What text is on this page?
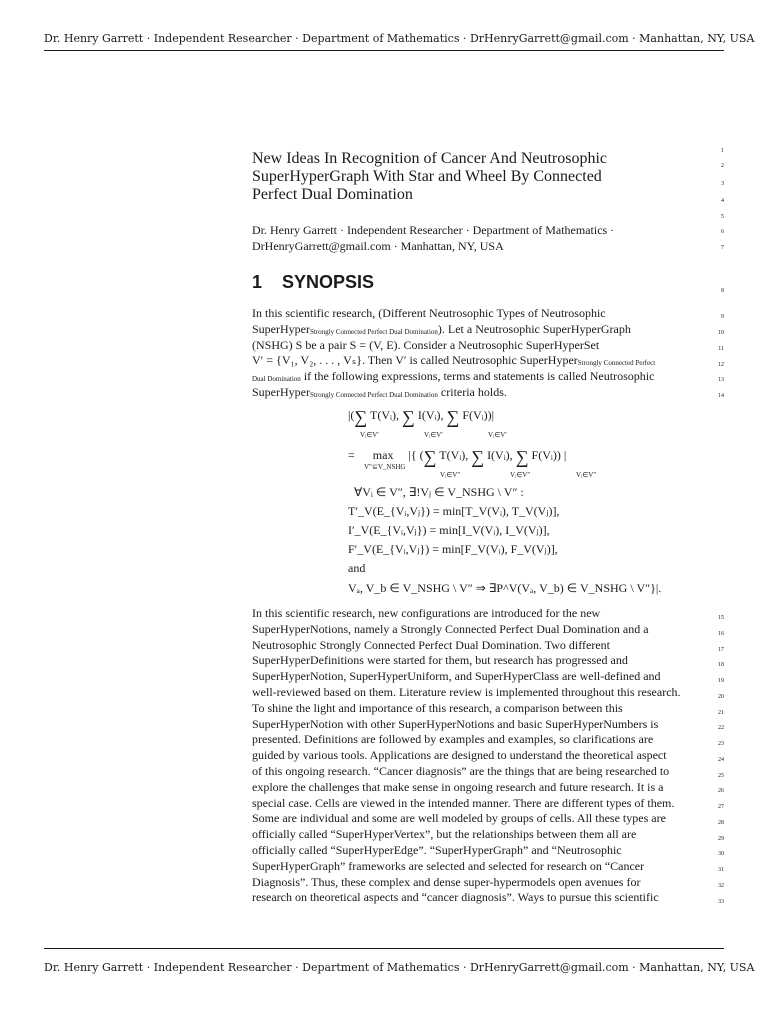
Dr. Henry Garrett · Independent Researcher · Department of Mathematics · DrHenryGarrett@gmail.com · Manhattan, NY, USA
New Ideas In Recognition of Cancer And Neutrosophic
SuperHyperGraph With Star and Wheel By Connected
Perfect Dual Domination
Dr. Henry Garrett · Independent Researcher · Department of Mathematics ·
DrHenryGarrett@gmail.com · Manhattan, NY, USA
1 SYNOPSIS
In this scientific research, (Different Neutrosophic Types of Neutrosophic
SuperHyperStrongly Connected Perfect Dual Domination). Let a Neutrosophic SuperHyperGraph
(NSHG) S be a pair S = (V, E). Consider a Neutrosophic SuperHyperSet
V′ = {V₁, V₂, . . . , Vₛ}. Then V′ is called Neutrosophic SuperHyperStrongly Connected Perfect
Dual Domination if the following expressions, terms and statements is called Neutrosophic
SuperHyperStrongly Connected Perfect Dual Domination criteria holds.
|(∑ T(Vᵢ), ∑ I(Vᵢ), ∑ F(Vᵢ))|
Vᵢ∈V′	Vᵢ∈V′	Vᵢ∈V′
= max |{ (∑ T(Vᵢ), ∑ I(Vᵢ), ∑ F(Vᵢ)) |
V″⊆V_NSHG
Vᵢ∈V″	Vᵢ∈V″	Vᵢ∈V″
∀Vᵢ ∈ V″, ∃!Vⱼ ∈ V_NSHG \ V″ :
T′_V(E_{Vᵢ,Vⱼ}) = min[T_V(Vᵢ), T_V(Vⱼ)],
I′_V(E_{Vᵢ,Vⱼ}) = min[I_V(Vᵢ), I_V(Vⱼ)],
F′_V(E_{Vᵢ,Vⱼ}) = min[F_V(Vᵢ), F_V(Vⱼ)],
and
Vₐ, V_b ∈ V_NSHG \ V″ ⇒ ∃P^V(Vₐ, V_b) ∈ V_NSHG \ V″}|.
In this scientific research, new configurations are introduced for the new
SuperHyperNotions, namely a Strongly Connected Perfect Dual Domination and a
Neutrosophic Strongly Connected Perfect Dual Domination. Two different
SuperHyperDefinitions were started for them, but research has progressed and
SuperHyperNotion, SuperHyperUniform, and SuperHyperClass are well-defined and
well-reviewed based on them. Literature review is implemented throughout this research.
To shine the light and importance of this research, a comparison between this
SuperHyperNotion with other SuperHyperNotions and basic SuperHyperNumbers is
presented. Definitions are followed by examples and examples, so clarifications are
guided by various tools. Applications are designed to understand the theoretical aspect
of this ongoing research. “Cancer diagnosis” are the things that are being researched to
explore the challenges that make sense in ongoing research and future research. It is a
special case. Cells are viewed in the intended manner. There are different types of them.
Some are individual and some are well modeled by groups of cells. All these types are
officially called “SuperHyperVertex”, but the relationships between them all are
officially called “SuperHyperEdge”. “SuperHyperGraph” and “Neutrosophic
SuperHyperGraph” frameworks are selected and selected for research on “Cancer
Diagnosis”. Thus, these complex and dense super-hypermodels open avenues for
research on theoretical aspects and “cancer diagnosis”. Ways to pursue this scientific
1
2
3
4
5
6
7
8
9
10
11
12
13
14
15
16
17
18
19
20
21
22
23
24
25
26
27
28
29
30
31
32
33
Dr. Henry Garrett · Independent Researcher · Department of Mathematics · DrHenryGarrett@gmail.com · Manhattan, NY, USA
